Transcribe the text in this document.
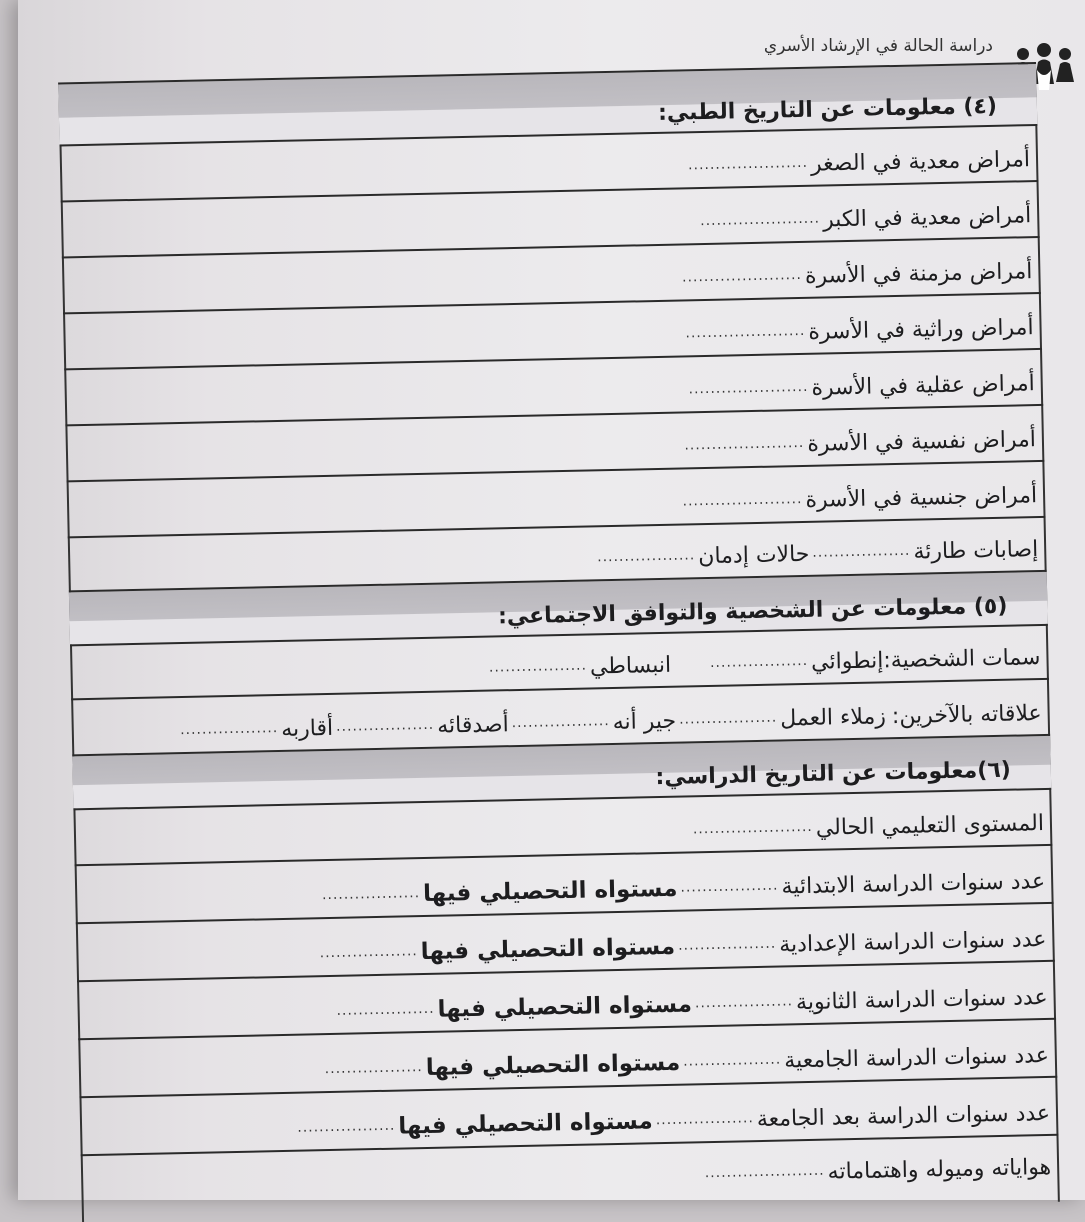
دراسة الحالة في الإرشاد الأسري
(٤) معلومات عن التاريخ الطبي:
أمراض معدية في الصغر
......................
أمراض معدية في الكبر
......................
أمراض مزمنة في الأسرة
......................
أمراض وراثية في الأسرة
......................
أمراض عقلية في الأسرة
......................
أمراض نفسية في الأسرة
......................
أمراض جنسية في الأسرة
......................
إصابات طارئة
..................
حالات إدمان
..................
(٥) معلومات عن الشخصية والتوافق الاجتماعي:
سمات الشخصية:
إنطوائي
..................
انبساطي
..................
علاقاته بالآخرين:
زملاء العمل
..................
جير أنه
..................
أصدقائه
..................
أقاربه
..................
(٦)معلومات عن التاريخ الدراسي:
المستوى التعليمي الحالي
......................
عدد سنوات الدراسة الابتدائية
..................
مستواه التحصيلي فيها
..................
عدد سنوات الدراسة الإعدادية
..................
مستواه التحصيلي فيها
..................
عدد سنوات الدراسة الثانوية
..................
مستواه التحصيلي فيها
..................
عدد سنوات الدراسة الجامعية
..................
مستواه التحصيلي فيها
..................
عدد سنوات الدراسة بعد الجامعة
..................
مستواه التحصيلي فيها
..................
هواياته وميوله واهتماماته
......................
